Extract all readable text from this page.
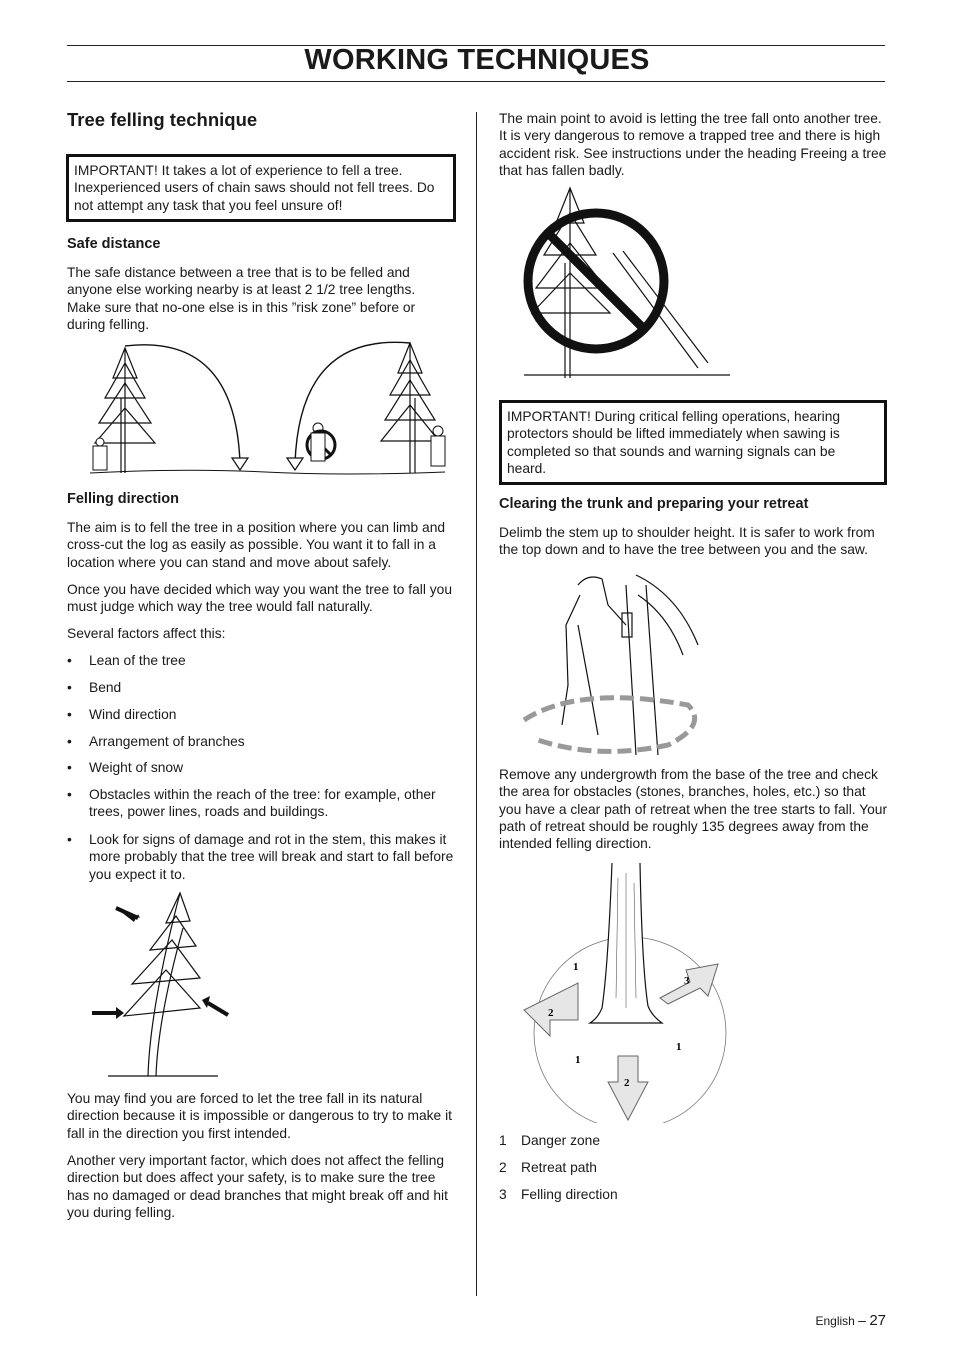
WORKING TECHNIQUES
Tree felling technique
IMPORTANT! It takes a lot of experience to fell a tree. Inexperienced users of chain saws should not fell trees. Do not attempt any task that you feel unsure of!
Safe distance
The safe distance between a tree that is to be felled and anyone else working nearby is at least 2 1/2 tree lengths. Make sure that no-one else is in this ”risk zone” before or during felling.
Felling direction
The aim is to fell the tree in a position where you can limb and cross-cut the log as easily as possible. You want it to fall in a location where you can stand and move about safely.
Once you have decided which way you want the tree to fall you must judge which way the tree would fall naturally.
Several factors affect this:
• Lean of the tree
• Bend
• Wind direction
• Arrangement of branches
• Weight of snow
• Obstacles within the reach of the tree: for example, other trees, power lines, roads and buildings.
• Look for signs of damage and rot in the stem, this makes it more probably that the tree will break and start to fall before you expect it to.
You may find you are forced to let the tree fall in its natural direction because it is impossible or dangerous to try to make it fall in the direction you first intended.
Another very important factor, which does not affect the felling direction but does affect your safety, is to make sure the tree has no damaged or dead branches that might break off and hit you during felling.
The main point to avoid is letting the tree fall onto another tree. It is very dangerous to remove a trapped tree and there is high accident risk. See instructions under the heading Freeing a tree that has fallen badly.
IMPORTANT! During critical felling operations, hearing protectors should be lifted immediately when sawing is completed so that sounds and warning signals can be heard.
Clearing the trunk and preparing your retreat
Delimb the stem up to shoulder height. It is safer to work from the top down and to have the tree between you and the saw.
Remove any undergrowth from the base of the tree and check the area for obstacles (stones, branches, holes, etc.) so that you have a clear path of retreat when the tree starts to fall. Your path of retreat should be roughly 135 degrees away from the intended felling direction.
1
1
1
2
2
3
1 Danger zone
2 Retreat path
3 Felling direction
English – 27
